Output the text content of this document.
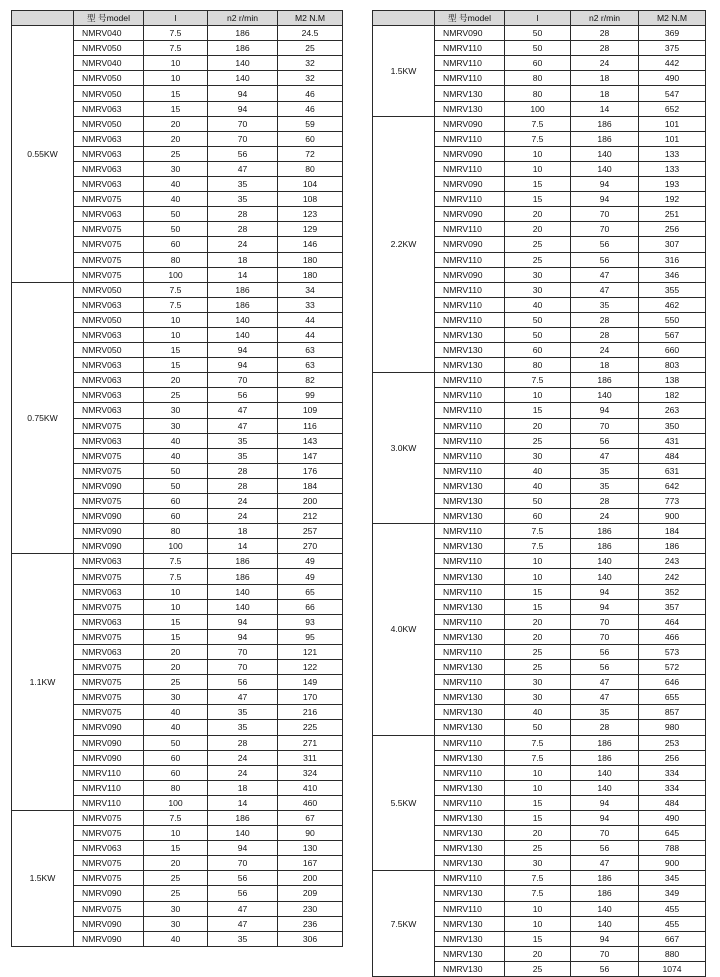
	型 号model	I	n2 r/min	M2 N.M
0.55KW	NMRV040	7.5	186	24.5
	NMRV050	7.5	186	25
	NMRV040	10	140	32
	NMRV050	10	140	32
	NMRV050	15	94	46
	NMRV063	15	94	46
	NMRV050	20	70	59
	NMRV063	20	70	60
	NMRV063	25	56	72
	NMRV063	30	47	80
	NMRV063	40	35	104
	NMRV075	40	35	108
	NMRV063	50	28	123
	NMRV075	50	28	129
	NMRV075	60	24	146
	NMRV075	80	18	180
	NMRV075	100	14	180
0.75KW	NMRV050	7.5	186	34
	NMRV063	7.5	186	33
	NMRV050	10	140	44
	NMRV063	10	140	44
	NMRV050	15	94	63
	NMRV063	15	94	63
	NMRV063	20	70	82
	NMRV063	25	56	99
	NMRV063	30	47	109
	NMRV075	30	47	116
	NMRV063	40	35	143
	NMRV075	40	35	147
	NMRV075	50	28	176
	NMRV090	50	28	184
	NMRV075	60	24	200
	NMRV090	60	24	212
	NMRV090	80	18	257
	NMRV090	100	14	270
1.1KW	NMRV063	7.5	186	49
	NMRV075	7.5	186	49
	NMRV063	10	140	65
	NMRV075	10	140	66
	NMRV063	15	94	93
	NMRV075	15	94	95
	NMRV063	20	70	121
	NMRV075	20	70	122
	NMRV075	25	56	149
	NMRV075	30	47	170
	NMRV075	40	35	216
	NMRV090	40	35	225
	NMRV090	50	28	271
	NMRV090	60	24	311
	NMRV110	60	24	324
	NMRV110	80	18	410
	NMRV110	100	14	460
1.5KW	NMRV075	7.5	186	67
	NMRV075	10	140	90
	NMRV063	15	94	130
	NMRV075	20	70	167
	NMRV075	25	56	200
	NMRV090	25	56	209
	NMRV075	30	47	230
	NMRV090	30	47	236
	NMRV090	40	35	306
	型 号model	I	n2 r/min	M2 N.M
1.5KW	NMRV090	50	28	369
	NMRV110	50	28	375
	NMRV110	60	24	442
	NMRV110	80	18	490
	NMRV130	80	18	547
	NMRV130	100	14	652
2.2KW	NMRV090	7.5	186	101
	NMRV110	7.5	186	101
	NMRV090	10	140	133
	NMRV110	10	140	133
	NMRV090	15	94	193
	NMRV110	15	94	192
	NMRV090	20	70	251
	NMRV110	20	70	256
	NMRV090	25	56	307
	NMRV110	25	56	316
	NMRV090	30	47	346
	NMRV110	30	47	355
	NMRV110	40	35	462
	NMRV110	50	28	550
	NMRV130	50	28	567
	NMRV130	60	24	660
	NMRV130	80	18	803
3.0KW	NMRV110	7.5	186	138
	NMRV110	10	140	182
	NMRV110	15	94	263
	NMRV110	20	70	350
	NMRV110	25	56	431
	NMRV110	30	47	484
	NMRV110	40	35	631
	NMRV130	40	35	642
	NMRV130	50	28	773
	NMRV130	60	24	900
4.0KW	NMRV110	7.5	186	184
	NMRV130	7.5	186	186
	NMRV110	10	140	243
	NMRV130	10	140	242
	NMRV110	15	94	352
	NMRV130	15	94	357
	NMRV110	20	70	464
	NMRV130	20	70	466
	NMRV110	25	56	573
	NMRV130	25	56	572
	NMRV110	30	47	646
	NMRV130	30	47	655
	NMRV130	40	35	857
	NMRV130	50	28	980
5.5KW	NMRV110	7.5	186	253
	NMRV130	7.5	186	256
	NMRV110	10	140	334
	NMRV130	10	140	334
	NMRV110	15	94	484
	NMRV130	15	94	490
	NMRV130	20	70	645
	NMRV130	25	56	788
	NMRV130	30	47	900
7.5KW	NMRV110	7.5	186	345
	NMRV130	7.5	186	349
	NMRV110	10	140	455
	NMRV130	10	140	455
	NMRV130	15	94	667
	NMRV130	20	70	880
	NMRV130	25	56	1074
